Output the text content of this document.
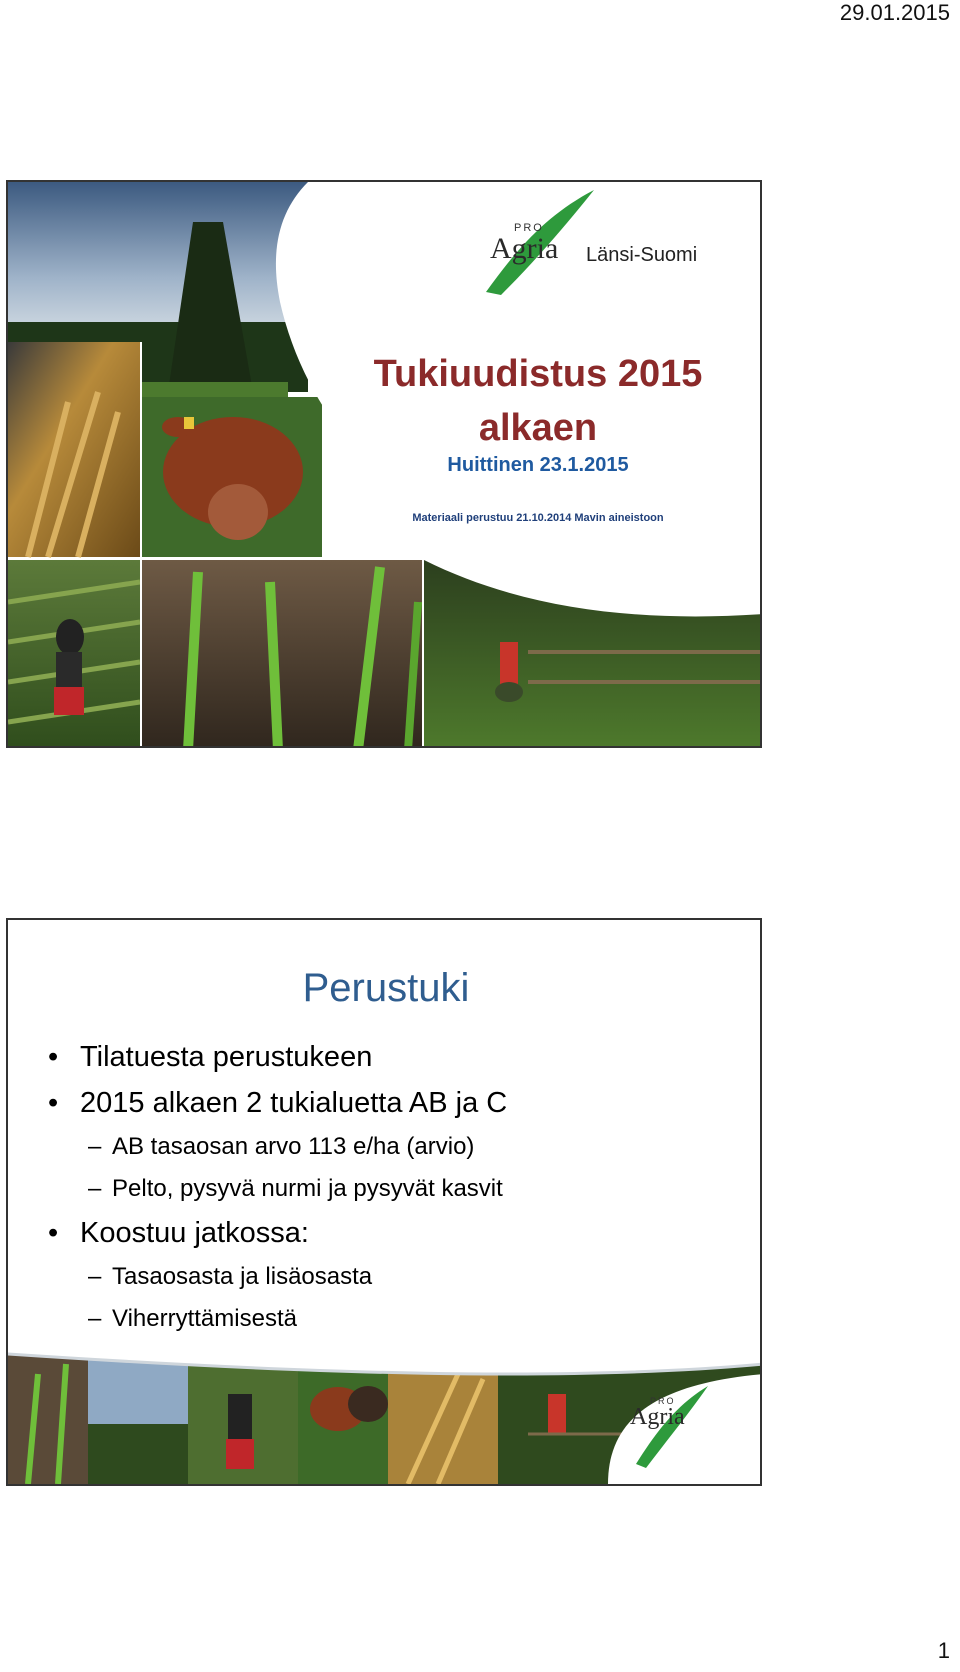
29.01.2015
PRO
Agria Länsi-Suomi
Tukiuudistus 2015
alkaen
Huittinen 23.1.2015
Materiaali perustuu 21.10.2014 Mavin aineistoon
Perustuki
• Tilatuesta perustukeen
• 2015 alkaen 2 tukialuetta AB ja C
– AB tasaosan arvo 113 e/ha (arvio)
– Pelto, pysyvä nurmi ja pysyvät kasvit
• Koostuu jatkossa:
– Tasaosasta ja lisäosasta
– Viherryttämisestä
–
PRO
Agria
1
